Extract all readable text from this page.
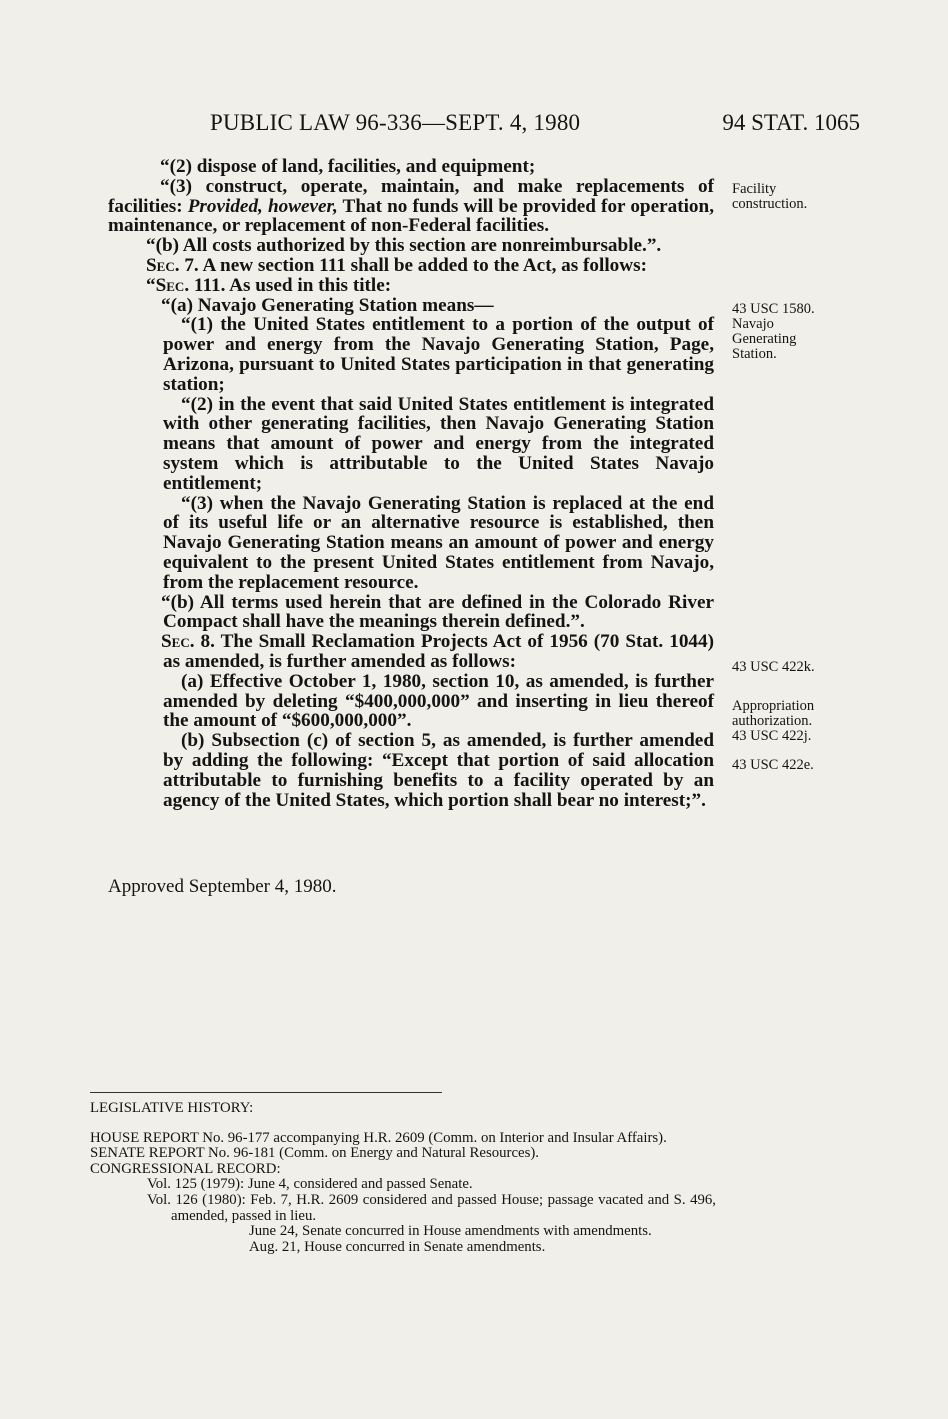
PUBLIC LAW 96-336—SEPT. 4, 1980	94 STAT. 1065

“(2) dispose of land, facilities, and equipment;

“(3) construct, operate, maintain, and make replacements of facilities: Provided, however, That no funds will be provided for operation, maintenance, or replacement of non-Federal facilities.

“(b) All costs authorized by this section are nonreimbursable.”.

Sec. 7. A new section 111 shall be added to the Act, as follows:

“Sec. 111. As used in this title:

“(a) Navajo Generating Station means—

“(1) the United States entitlement to a portion of the output of power and energy from the Navajo Generating Station, Page, Arizona, pursuant to United States participation in that generating station;

“(2) in the event that said United States entitlement is integrated with other generating facilities, then Navajo Generating Station means that amount of power and energy from the integrated system which is attributable to the United States Navajo entitlement;

“(3) when the Navajo Generating Station is replaced at the end of its useful life or an alternative resource is established, then Navajo Generating Station means an amount of power and energy equivalent to the present United States entitlement from Navajo, from the replacement resource.

“(b) All terms used herein that are defined in the Colorado River Compact shall have the meanings therein defined.”.

Sec. 8. The Small Reclamation Projects Act of 1956 (70 Stat. 1044) as amended, is further amended as follows:

(a) Effective October 1, 1980, section 10, as amended, is further amended by deleting “$400,000,000” and inserting in lieu thereof the amount of “$600,000,000”.

(b) Subsection (c) of section 5, as amended, is further amended by adding the following: “Except that portion of said allocation attributable to furnishing benefits to a facility operated by an agency of the United States, which portion shall bear no interest;”.

Facility
construction.
43 USC 1580.
Navajo
Generating
Station.
43 USC 422k.
Appropriation
authorization.
43 USC 422j.
43 USC 422e.
Approved September 4, 1980.

LEGISLATIVE HISTORY:

HOUSE REPORT No. 96-177 accompanying H.R. 2609 (Comm. on Interior and Insular Affairs).

SENATE REPORT No. 96-181 (Comm. on Energy and Natural Resources).

CONGRESSIONAL RECORD:

Vol. 125 (1979): June 4, considered and passed Senate.

Vol. 126 (1980): Feb. 7, H.R. 2609 considered and passed House; passage vacated and S. 496, amended, passed in lieu.

June 24, Senate concurred in House amendments with amendments.

Aug. 21, House concurred in Senate amendments.
